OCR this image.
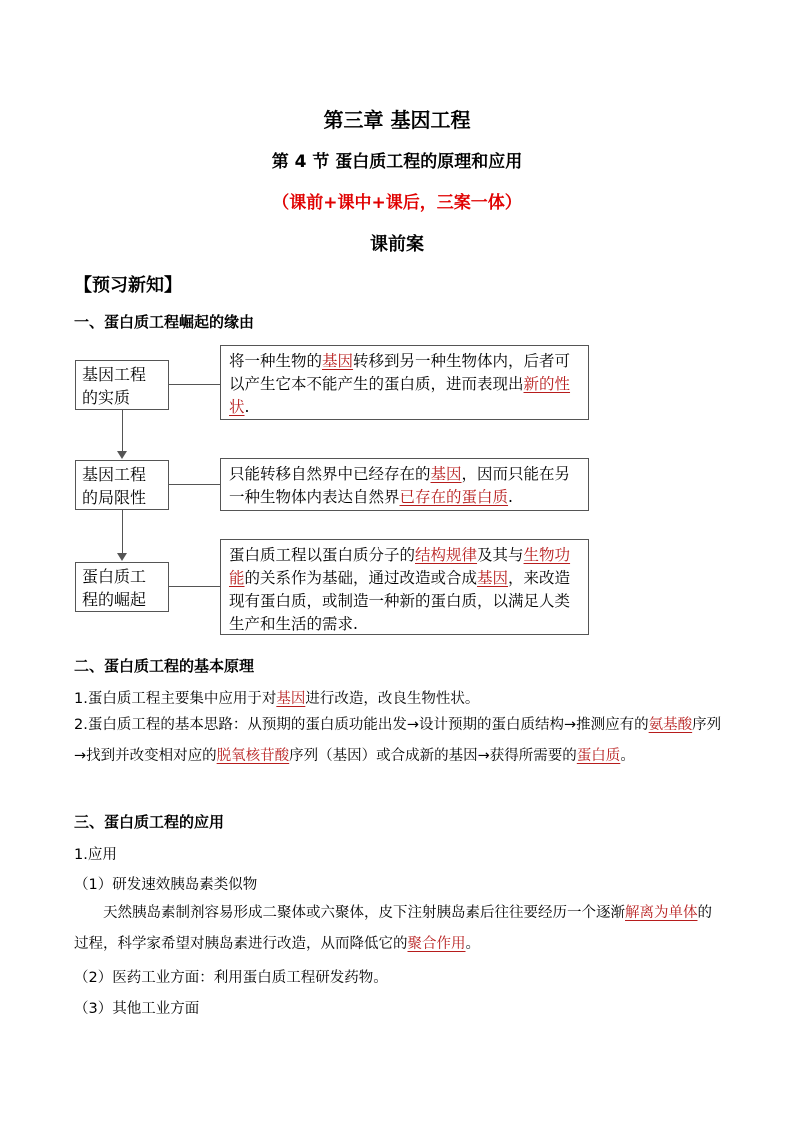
第三章 基因工程
第 4 节 蛋白质工程的原理和应用
（课前+课中+课后，三案一体）
课前案
【预习新知】
一、蛋白质工程崛起的缘由
基因工程
的实质
基因工程
的局限性
蛋白质工
程的崛起
将一种生物的基因转移到另一种生物体内，后者可以产生它本不能产生的蛋白质，进而表现出新的性状.
只能转移自然界中已经存在的基因，因而只能在另一种生物体内表达自然界已存在的蛋白质.
蛋白质工程以蛋白质分子的结构规律及其与生物功能的关系作为基础，通过改造或合成基因，来改造现有蛋白质，或制造一种新的蛋白质，以满足人类生产和生活的需求.
二、蛋白质工程的基本原理
1.蛋白质工程主要集中应用于对基因进行改造，改良生物性状。
2.蛋白质工程的基本思路：从预期的蛋白质功能出发→设计预期的蛋白质结构→推测应有的氨基酸序列→找到并改变相对应的脱氧核苷酸序列（基因）或合成新的基因→获得所需要的蛋白质。
三、蛋白质工程的应用
1.应用
（1）研发速效胰岛素类似物
天然胰岛素制剂容易形成二聚体或六聚体，皮下注射胰岛素后往往要经历一个逐渐解离为单体的过程，科学家希望对胰岛素进行改造，从而降低它的聚合作用。
（2）医药工业方面：利用蛋白质工程研发药物。
（3）其他工业方面
